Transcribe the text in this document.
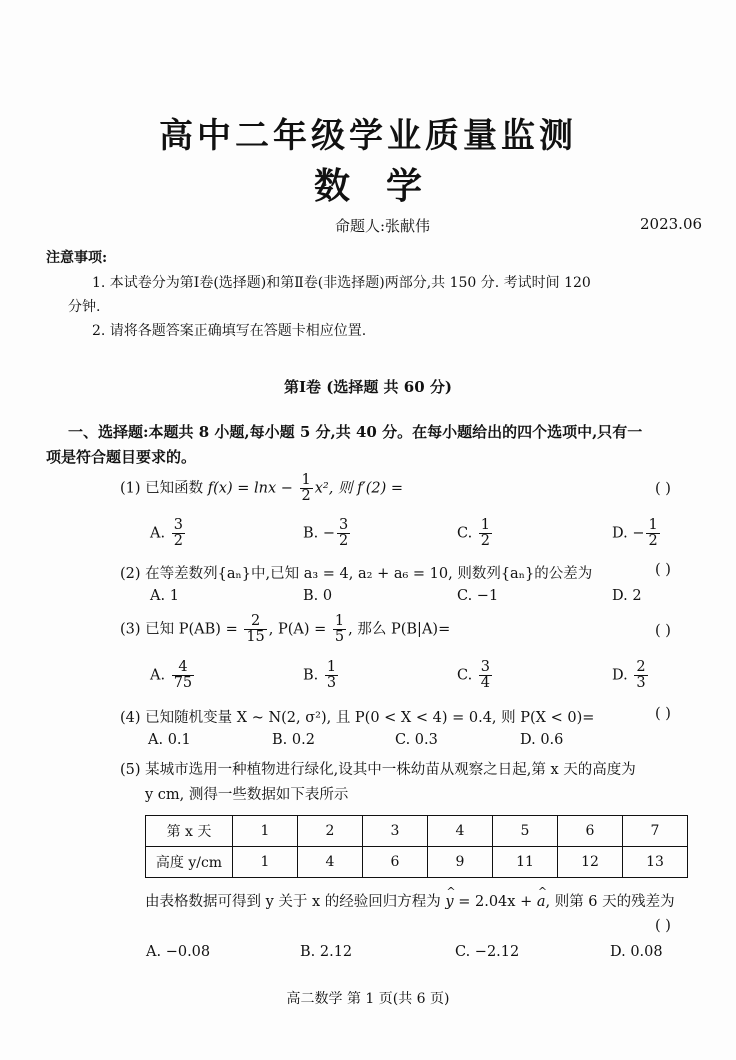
高中二年级学业质量监测
数学
命题人:张献伟	2023.06
注意事项:
1. 本试卷分为第Ⅰ卷(选择题)和第Ⅱ卷(非选择题)两部分,共 150 分. 考试时间 120
分钟.
2. 请将各题答案正确填写在答题卡相应位置.
第Ⅰ卷 (选择题 共 60 分)
一、选择题:本题共 8 小题,每小题 5 分,共 40 分。在每小题给出的四个选项中,只有一
项是符合题目要求的。
(1) 已知函数 $f(x) = \ln x - \frac{1}{2} x^2$, 则 f′(2) =	( )
A. $\frac{3}{2}$	B. − $\frac{3}{2}$	C. $\frac{1}{2}$	D. − $\frac{1}{2}$
(2) 在等差数列{aₙ}中,已知 a₃ = 4, a₂ + a₆ = 10, 则数列{aₙ}的公差为	( )
A. 1	B. 0	C. −1	D. 2
(3) 已知 $P(AB) = \frac{2}{15}$ , $P(A) = \frac{1}{5}$ , 那么 P(B|A)=	( )
A. $\frac{4}{75}$	B. $\frac{1}{3}$	C. $\frac{3}{4}$	D. $\frac{2}{3}$
(4) 已知随机变量 X ~ N(2, σ²), 且 P(0 < X < 4) = 0.4, 则 P(X < 0)=	( )
A. 0.1	B. 0.2	C. 0.3	D. 0.6
(5) 某城市选用一种植物进行绿化,设其中一株幼苗从观察之日起,第 x 天的高度为
y cm, 测得一些数据如下表所示
第 x 天	1	2	3	4	5	6	7
高度 y/cm	1	4	6	9	11	12	13
由表格数据可得到 y 关于 x 的经验回归方程为 ^ y = 2.04x + ^ a, 则第 6 天的残差为
( )
A. −0.08	B. 2.12	C. −2.12	D. 0.08
高二数学 第 1 页(共 6 页)
